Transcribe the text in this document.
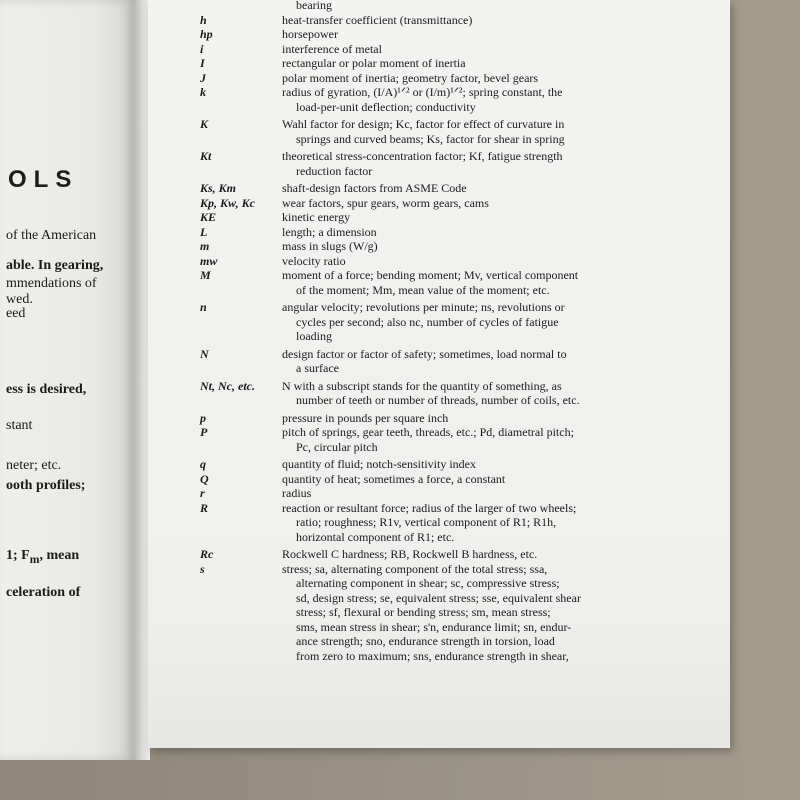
OLS
of the American
able. In gearing,
mmendations of
wed.
eed
ess is desired,
stant
neter; etc.
ooth profiles;
1; $F_m$, mean
celeration of
bearing
h	heat-transfer coefficient (transmittance)
hp	horsepower
i	interference of metal
I	rectangular or polar moment of inertia
J	polar moment of inertia; geometry factor, bevel gears
k	radius of gyration, (I/A)¹ᐟ² or (I/m)¹ᐟ²; spring constant, the
load-per-unit deflection; conductivity
K	Wahl factor for design; Kc, factor for effect of curvature in
springs and curved beams; Ks, factor for shear in spring
Kt	theoretical stress-concentration factor; Kf, fatigue strength
reduction factor
Ks, Km	shaft-design factors from ASME Code
Kp, Kw, Kc	wear factors, spur gears, worm gears, cams
KE	kinetic energy
L	length; a dimension
m	mass in slugs (W/g)
mw	velocity ratio
M	moment of a force; bending moment; Mv, vertical component
of the moment; Mm, mean value of the moment; etc.
n	angular velocity; revolutions per minute; ns, revolutions or
cycles per second; also nc, number of cycles of fatigue
loading
N	design factor or factor of safety; sometimes, load normal to
a surface
Nt, Nc, etc.	N with a subscript stands for the quantity of something, as
number of teeth or number of threads, number of coils, etc.
p	pressure in pounds per square inch
P	pitch of springs, gear teeth, threads, etc.; Pd, diametral pitch;
Pc, circular pitch
q	quantity of fluid; notch-sensitivity index
Q	quantity of heat; sometimes a force, a constant
r	radius
R	reaction or resultant force; radius of the larger of two wheels;
ratio; roughness; R1v, vertical component of R1; R1h,
horizontal component of R1; etc.
Rc	Rockwell C hardness; RB, Rockwell B hardness, etc.
s	stress; sa, alternating component of the total stress; ssa,
alternating component in shear; sc, compressive stress;
sd, design stress; se, equivalent stress; sse, equivalent shear
stress; sf, flexural or bending stress; sm, mean stress;
sms, mean stress in shear; s'n, endurance limit; sn, endur-
ance strength; sno, endurance strength in torsion, load
from zero to maximum; sns, endurance strength in shear,
